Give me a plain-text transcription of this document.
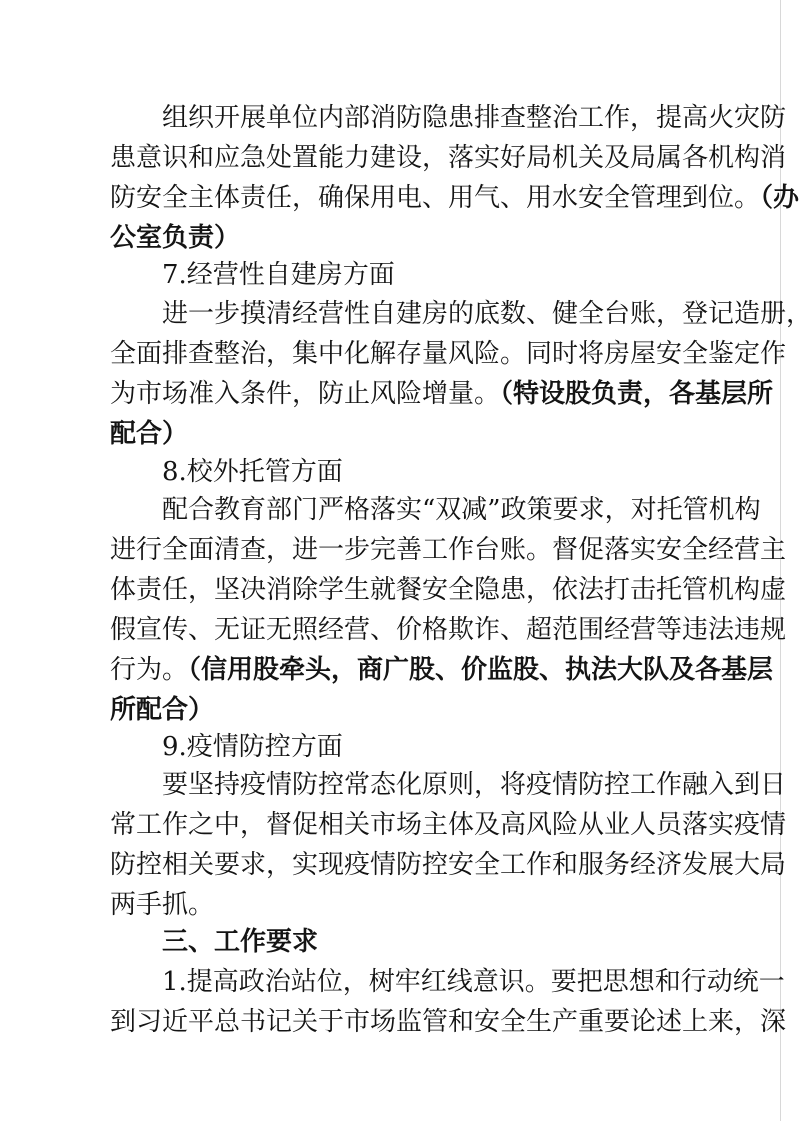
组织开展单位内部消防隐患排查整治工作，提高火灾防
患意识和应急处置能力建设，落实好局机关及局属各机构消
防安全主体责任，确保用电、用气、用水安全管理到位。（办
公室负责）
7.经营性自建房方面
进一步摸清经营性自建房的底数、健全台账，登记造册，
全面排查整治，集中化解存量风险。同时将房屋安全鉴定作
为市场准入条件，防止风险增量。（特设股负责，各基层所
配合）
8.校外托管方面
配合教育部门严格落实“双减”政策要求，对托管机构
进行全面清查，进一步完善工作台账。督促落实安全经营主
体责任，坚决消除学生就餐安全隐患，依法打击托管机构虚
假宣传、无证无照经营、价格欺诈、超范围经营等违法违规
行为。（信用股牵头，商广股、价监股、执法大队及各基层
所配合）
9.疫情防控方面
要坚持疫情防控常态化原则，将疫情防控工作融入到日
常工作之中，督促相关市场主体及高风险从业人员落实疫情
防控相关要求，实现疫情防控安全工作和服务经济发展大局
两手抓。
三、工作要求
1.提高政治站位，树牢红线意识。要把思想和行动统一
到习近平总书记关于市场监管和安全生产重要论述上来，深
